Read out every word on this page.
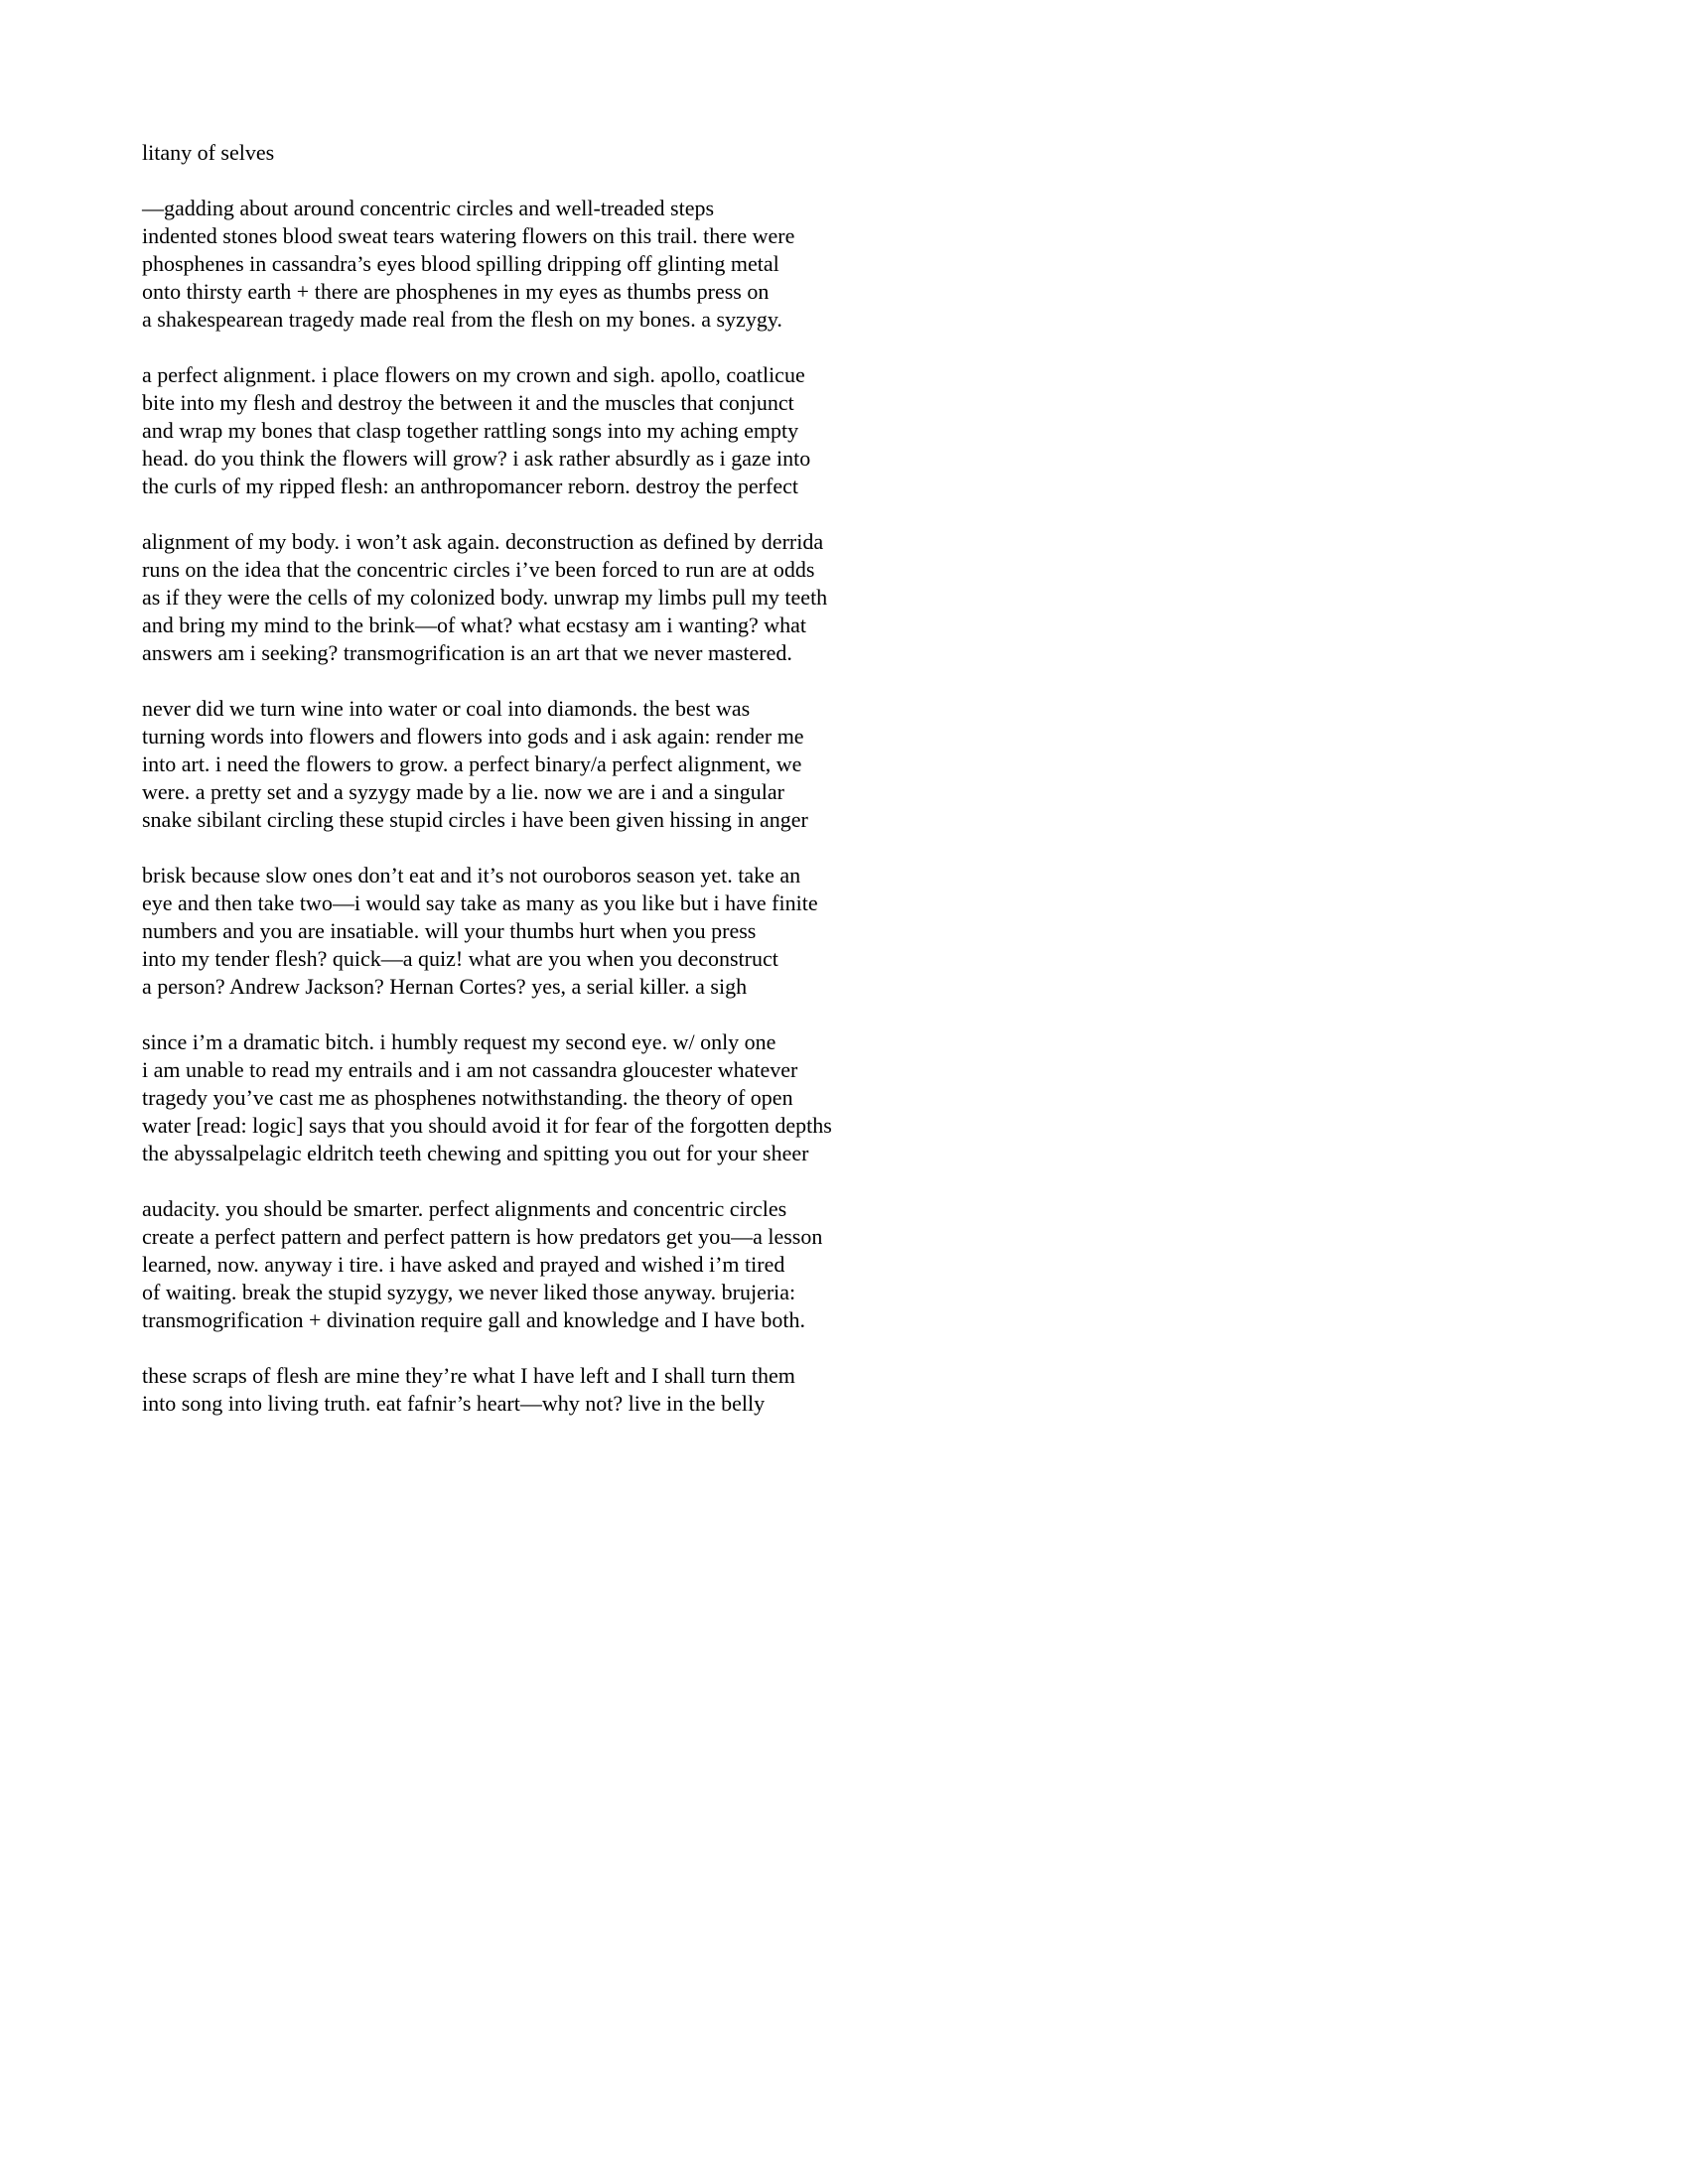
litany of selves
—gadding about around concentric circles and well-treaded steps
indented stones blood sweat tears watering flowers on this trail. there were
phosphenes in cassandra’s eyes blood spilling dripping off glinting metal
onto thirsty earth + there are phosphenes in my eyes as thumbs press on
a shakespearean tragedy made real from the flesh on my bones. a syzygy.
a perfect alignment. i place flowers on my crown and sigh. apollo, coatlicue
bite into my flesh and destroy the between it and the muscles that conjunct
and wrap my bones that clasp together rattling songs into my aching empty
head. do you think the flowers will grow? i ask rather absurdly as i gaze into
the curls of my ripped flesh: an anthropomancer reborn. destroy the perfect
alignment of my body. i won’t ask again. deconstruction as defined by derrida
runs on the idea that the concentric circles i’ve been forced to run are at odds
as if they were the cells of my colonized body. unwrap my limbs pull my teeth
and bring my mind to the brink—of what? what ecstasy am i wanting? what
answers am i seeking? transmogrification is an art that we never mastered.
never did we turn wine into water or coal into diamonds. the best was
turning words into flowers and flowers into gods and i ask again: render me
into art. i need the flowers to grow. a perfect binary/a perfect alignment, we
were. a pretty set and a syzygy made by a lie. now we are i and a singular
snake sibilant circling these stupid circles i have been given hissing in anger
brisk because slow ones don’t eat and it’s not ouroboros season yet. take an
eye and then take two—i would say take as many as you like but i have finite
numbers and you are insatiable. will your thumbs hurt when you press
into my tender flesh? quick—a quiz! what are you when you deconstruct
a person? Andrew Jackson? Hernan Cortes? yes, a serial killer. a sigh
since i’m a dramatic bitch. i humbly request my second eye. w/ only one
i am unable to read my entrails and i am not cassandra gloucester whatever
tragedy you’ve cast me as phosphenes notwithstanding. the theory of open
water [read: logic] says that you should avoid it for fear of the forgotten depths
the abyssalpelagic eldritch teeth chewing and spitting you out for your sheer
audacity. you should be smarter. perfect alignments and concentric circles
create a perfect pattern and perfect pattern is how predators get you—a lesson
learned, now. anyway i tire. i have asked and prayed and wished i’m tired
of waiting. break the stupid syzygy, we never liked those anyway. brujeria:
transmogrification + divination require gall and knowledge and I have both.
these scraps of flesh are mine they’re what I have left and I shall turn them
into song into living truth. eat fafnir’s heart—why not? live in the belly
